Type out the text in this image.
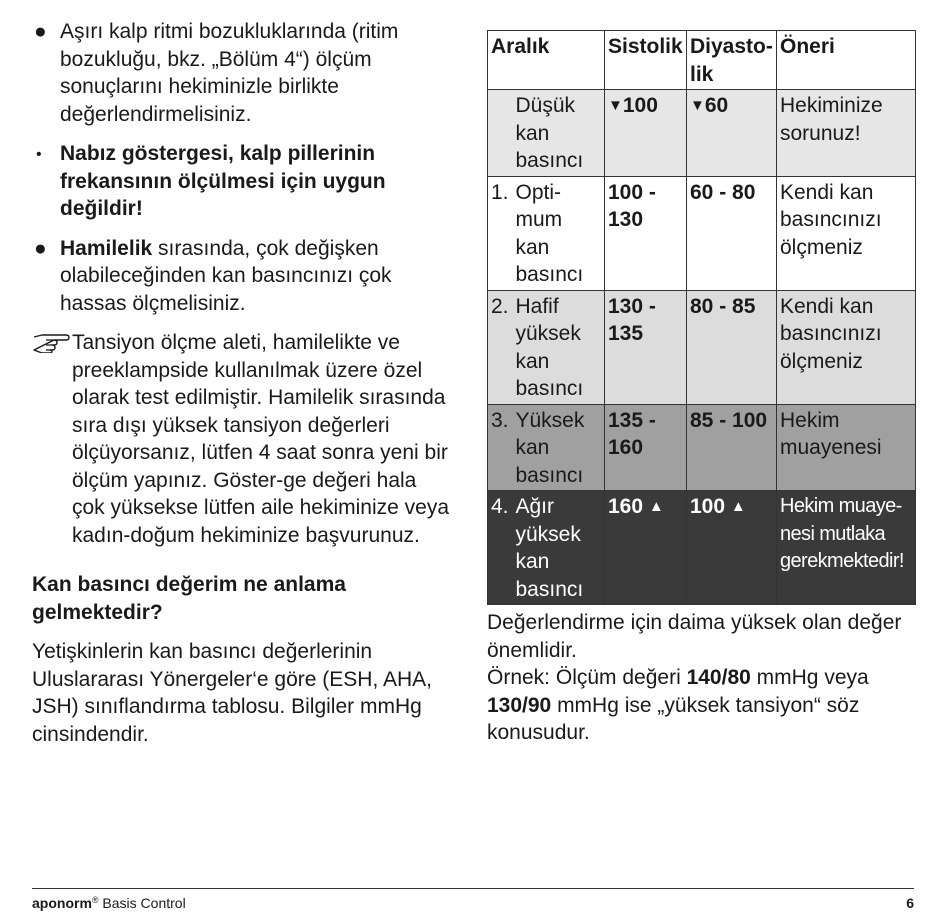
● Aşırı kalp ritmi bozukluklarında (ritim bozukluğu, bkz. „Bölüm 4“) ölçüm sonuçlarını hekiminizle birlikte değerlendirmelisiniz.
• Nabız göstergesi, kalp pillerinin frekansının ölçülmesi için uygun değildir!
● Hamilelik sırasında, çok değişken olabileceğinden kan basıncınızı çok hassas ölçmelisiniz.
Tansiyon ölçme aleti, hamilelikte ve preeklampside kullanılmak üzere özel olarak test edilmiştir. Hamilelik sırasında sıra dışı yüksek tansiyon değerleri ölçüyorsanız, lütfen 4 saat sonra yeni bir ölçüm yapınız. Göster-ge değeri hala çok yüksekse lütfen aile hekiminize veya kadın-doğum hekiminize başvurunuz.
Kan basıncı değerim ne anlama gelmektedir?
Yetişkinlerin kan basıncı değerlerinin Uluslararası Yönergeler‘e göre (ESH, AHA, JSH) sınıflandırma tablosu. Bilgiler mmHg cinsindendir.
Aralık		Sistolik	Diyasto-lik	Öneri
	Düşük kan basıncı	▼100	▼60	Hekiminize sorunuz!
1.	Opti-mum kan basıncı	100 - 130	60 - 80	Kendi kan basıncınızı ölçmeniz
2.	Hafif yüksek kan basıncı	130 - 135	80 - 85	Kendi kan basıncınızı ölçmeniz
3.	Yüksek kan basıncı	135 - 160	85 - 100	Hekim muayenesi
4.	Ağır yüksek kan basıncı	160 ▲	100 ▲	Hekim muaye-nesi mutlaka gerekmektedir!

Değerlendirme için daima yüksek olan değer önemlidir.

Örnek: Ölçüm değeri 140/80 mmHg veya 130/90 mmHg ise „yüksek tansiyon“ söz konusudur.

aponorm® Basis Control	6
